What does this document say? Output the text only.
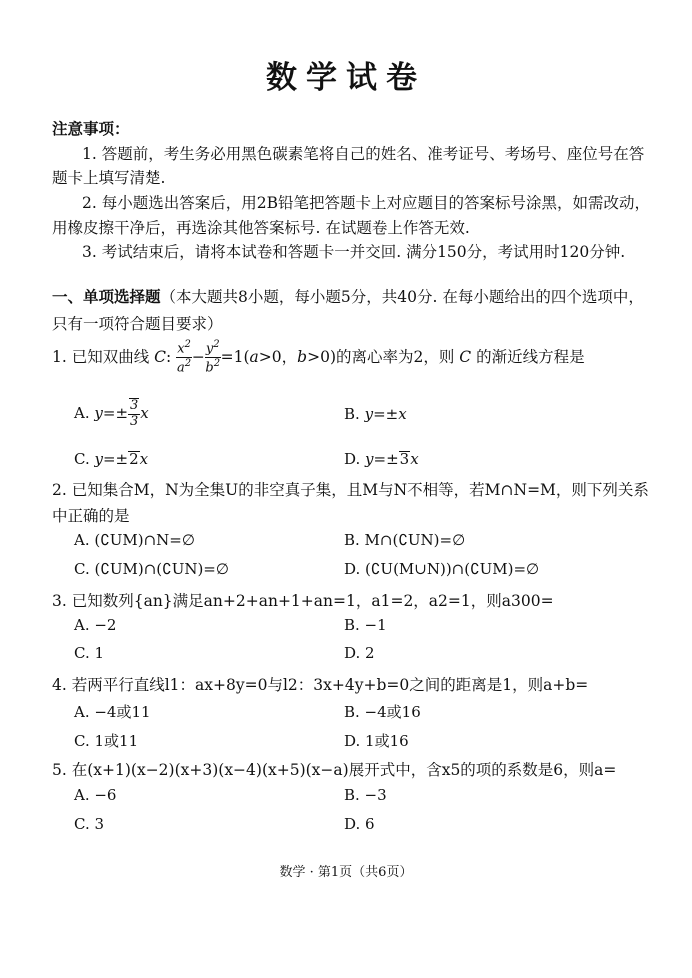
数学试卷
注意事项：
1. 答题前，考生务必用黑色碳素笔将自己的姓名、准考证号、考场号、座位号在答
题卡上填写清楚.
2. 每小题选出答案后，用2B铅笔把答题卡上对应题目的答案标号涂黑，如需改动，
用橡皮擦干净后，再选涂其他答案标号. 在试题卷上作答无效.
3. 考试结束后，请将本试卷和答题卡一并交回. 满分150分，考试用时120分钟.
一、单项选择题（本大题共8小题，每小题5分，共40分. 在每小题给出的四个选项中，
只有一项符合题目要求）
1. 已知双曲线 C: $\frac{x^2}{a^2} - \frac{y^2}{b^2} =1(a>0$，b>0)的离心率为2，则 C 的渐近线方程是
A. $y=\pm \frac{3}{3}$ x	B. y=±x
C. y=±2x	D. y=±3x
2. 已知集合M，N为全集U的非空真子集，且M与N不相等，若M∩N=M，则下列关系
中正确的是
A. (∁UM)∩N=∅	B. M∩(∁UN)=∅
C. (∁UM)∩(∁UN)=∅	D. (∁U(M∪N))∩(∁UM)=∅
3. 已知数列{an}满足an+2+an+1+an=1，a1=2，a2=1，则a300=
A. −2	B. −1
C. 1	D. 2
4. 若两平行直线l1：ax+8y=0与l2：3x+4y+b=0之间的距离是1，则a+b=
A. −4或11	B. −4或16
C. 1或11	D. 1或16
5. 在(x+1)(x−2)(x+3)(x−4)(x+5)(x−a)展开式中，含x5的项的系数是6，则a=
A. −6	B. −3
C. 3	D. 6
数学 · 第1页（共6页）
